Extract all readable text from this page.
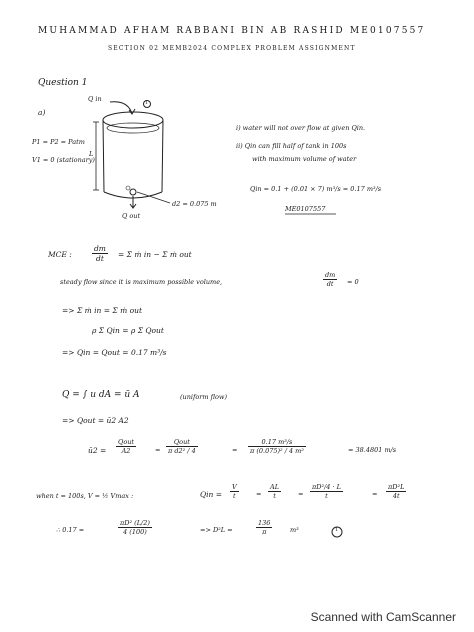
MUHAMMAD AFHAM RABBANI BIN AB RASHID ME0107557
SECTION 02 MEMB2024 COMPLEX PROBLEM ASSIGNMENT
Question 1
a)
Q in	1
P1 = P2 = Patm
V1 = 0 (stationary)
L
Q out
d2 = 0.075 m
i) water will not over flow at given Qin.
ii) Qin can fill half of tank in 100s
with maximum volume of water
Qin = 0.1 + (0.01 × 7) m³/s = 0.17 m³/s
ME0107557
MCE :	$\frac{dm}{dt} = \Sigma$ ṁ in − Σ ṁ out
steady flow since it is maximum possible volume,	$\frac{dm}{dt} = 0$
=> Σ ṁ in = Σ ṁ out
ρ Σ Qin = ρ Σ Qout
=> Qin = Qout = 0.17 m³/s
Q = ∫ u dA = ū A	(uniform flow)
=> Qout = ū2 A2
ū2 =
Qout
A2	=
Qout
π d2² / 4	= $\frac{\text{0.17 m³/s}}{\text{π (0.075)² / 4 m²}}$	= 38.4801 m/s
when t = 100s, V = ½ Vmax :	Qin = $\frac{V}{t}$	= $\frac{AL}{t}$	= $\frac{\text{πD²/4 · L}}{t}$	= $\frac{\text{πD²L}}{4t}$
∴ 0.17 =	$\frac{\text{πD² (L/2)}}{4 (100)}$	=> D²L =	$\frac{136}{\pi}$	m³	1
Scanned with CamScanner
